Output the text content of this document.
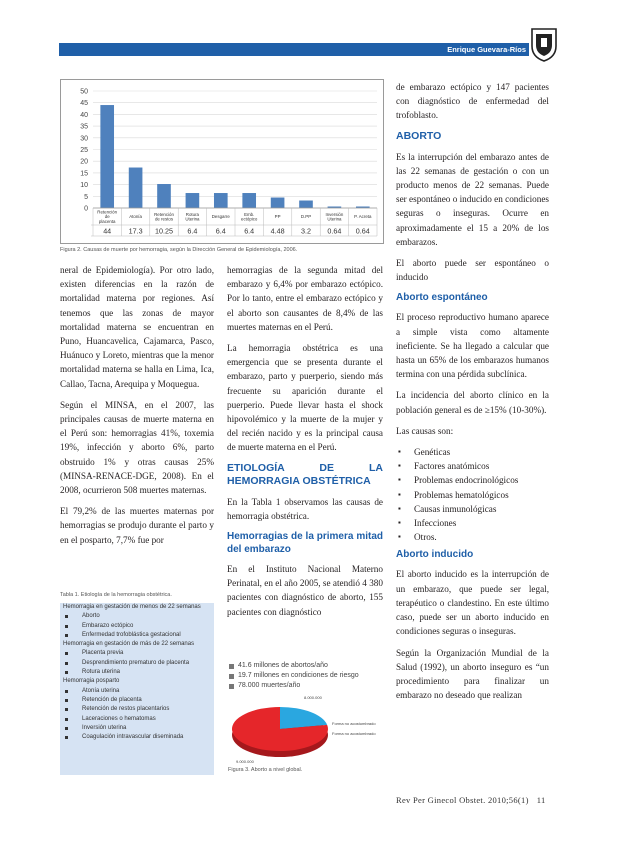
Enrique Guevara-Ríos
50
45
40
35
30
25
20
15
10
5
0 Retención de placenta
44
Atonía
17.3
Retención de restos
10.25
Rotura Uterina
6.4
Desgarre
6.4
Emb. ectópico
6.4
PP
4.48
D.PP
3.2
Inversión Uterina
0.64
P. Acreta
0.64
Figura 2. Causas de muerte por hemorragia, según la Dirección General de Epidemiología, 2006.

neral de Epidemiología). Por otro lado, existen diferencias en la razón de mortalidad materna por regiones. Así tenemos que las zonas de mayor mortalidad materna se encuentran en Puno, Huancavelica, Cajamarca, Pasco, Huánuco y Loreto, mientras que la menor mortalidad materna se halla en Lima, Ica, Callao, Tacna, Arequipa y Moquegua.

Según el MINSA, en el 2007, las principales causas de muerte materna en el Perú son: hemorragias 41%, toxemia 19%, infección y aborto 6%, parto obstruido 1% y otras causas 25% (MINSA-RENACE-DGE, 2008). En el 2008, ocurrieron 508 muertes maternas.

El 79,2% de las muertes maternas por hemorragias se produjo durante el parto y en el posparto, 7,7% fue por

Tabla 1. Etiología de la hemorragia obstétrica.
Hemorragia en gestación de menos de 22 semanas
Aborto
Embarazo ectópico
Enfermedad trofoblástica gestacional
Hemorragia en gestación de más de 22 semanas
Placenta previa
Desprendimiento prematuro de placenta
Rotura uterina
Hemorragia posparto
Atonía uterina
Retención de placenta
Retención de restos placentarios
Laceraciones o hematomas
Inversión uterina
Coagulación intravascular diseminada

hemorragias de la segunda mitad del embarazo y 6,4% por embarazo ectópico. Por lo tanto, entre el embarazo ectópico y el aborto son causantes de 8,4% de las muertes maternas en el Perú.

La hemorragia obstétrica es una emergencia que se presenta durante el embarazo, parto y puerperio, siendo más frecuente su aparición durante el puerperio. Puede llevar hasta el shock hipovolémico y la muerte de la mujer y del recién nacido y es la principal causa de muerte materna en el Perú.

ETIOLOGÍA DE LA HEMORRAGIA OBSTÉTRICA

En la Tabla 1 observamos las causas de hemorragia obstétrica.

Hemorragias de la primera mitad del embarazo

En el Instituto Nacional Materno Perinatal, en el año 2005, se atendió 4 380 pacientes con diagnóstico de aborto, 155 pacientes con diagnóstico

41.6 millones de abortos/año
19.7 millones en condiciones de riesgo
78.000 muertes/año
Forma no acostumbrado
Forma no acostumbrado
8.000.000
9.000.000
Figura 3. Aborto a nivel global.

de embarazo ectópico y 147 pacientes con diagnóstico de enfermedad del trofoblasto.

ABORTO

Es la interrupción del embarazo antes de las 22 semanas de gestación o con un producto menos de 22 semanas. Puede ser espontáneo o inducido en condiciones seguras o inseguras. Ocurre en aproximadamente el 15 a 20% de los embarazos.

El aborto puede ser espontáneo o inducido

Aborto espontáneo

El proceso reproductivo humano aparece a simple vista como altamente ineficiente. Se ha llegado a calcular que hasta un 65% de los embarazos humanos termina con una pérdida subclínica.

La incidencia del aborto clínico en la población general es de ≥15% (10-30%).

Las causas son:

▪ Genéticas
▪ Factores anatómicos
▪ Problemas endocrinológicos
▪ Problemas hematológicos
▪ Causas inmunológicas
▪ Infecciones
▪ Otros.
Aborto inducido

El aborto inducido es la interrupción de un embarazo, que puede ser legal, terapéutico o clandestino. En este último caso, puede ser un aborto inducido en condiciones seguras o inseguras.

Según la Organización Mundial de la Salud (1992), un aborto inseguro es “un procedimiento para finalizar un embarazo no deseado que realizan

Rev Per Ginecol Obstet. 2010;56(1) 11
